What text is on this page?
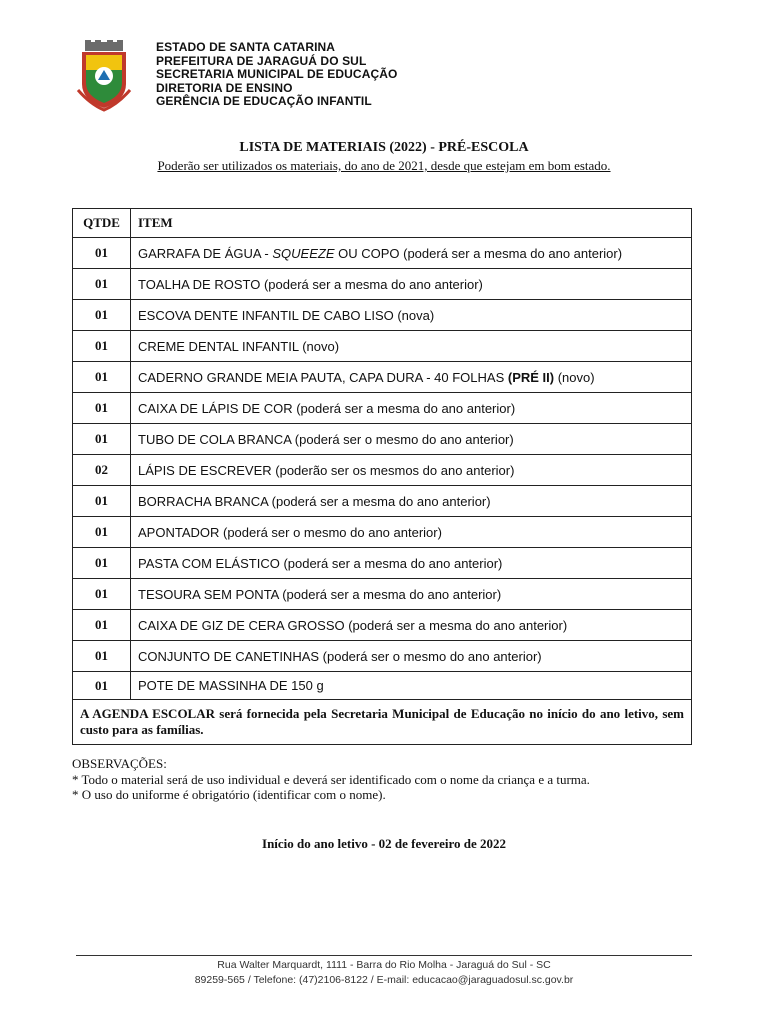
ESTADO DE SANTA CATARINA
PREFEITURA DE JARAGUÁ DO SUL
SECRETARIA MUNICIPAL DE EDUCAÇÃO
DIRETORIA DE ENSINO
GERÊNCIA DE EDUCAÇÃO INFANTIL
LISTA DE MATERIAIS (2022) - PRÉ-ESCOLA
Poderão ser utilizados os materiais, do ano de 2021, desde que estejam em bom estado.
QTDE	ITEM
01	GARRAFA DE ÁGUA - SQUEEZE OU COPO (poderá ser a mesma do ano anterior)
01	TOALHA DE ROSTO (poderá ser a mesma do ano anterior)
01	ESCOVA DENTE INFANTIL DE CABO LISO (nova)
01	CREME DENTAL INFANTIL (novo)
01	CADERNO GRANDE MEIA PAUTA, CAPA DURA - 40 FOLHAS (PRÉ II) (novo)
01	CAIXA DE LÁPIS DE COR (poderá ser a mesma do ano anterior)
01	TUBO DE COLA BRANCA (poderá ser o mesmo do ano anterior)
02	LÁPIS DE ESCREVER (poderão ser os mesmos do ano anterior)
01	BORRACHA BRANCA (poderá ser a mesma do ano anterior)
01	APONTADOR (poderá ser o mesmo do ano anterior)
01	PASTA COM ELÁSTICO (poderá ser a mesma do ano anterior)
01	TESOURA SEM PONTA (poderá ser a mesma do ano anterior)
01	CAIXA DE GIZ DE CERA GROSSO (poderá ser a mesma do ano anterior)
01	CONJUNTO DE CANETINHAS (poderá ser o mesmo do ano anterior)
01	POTE DE MASSINHA DE 150 g
A AGENDA ESCOLAR será fornecida pela Secretaria Municipal de Educação no início do ano letivo, sem custo para as famílias.	
OBSERVAÇÕES:
* Todo o material será de uso individual e deverá ser identificado com o nome da criança e a turma.
* O uso do uniforme é obrigatório (identificar com o nome).
Início do ano letivo - 02 de fevereiro de 2022
Rua Walter Marquardt, 1111 - Barra do Rio Molha - Jaraguá do Sul - SC
89259-565 / Telefone: (47)2106-8122 / E-mail: educacao@jaraguadosul.sc.gov.br
